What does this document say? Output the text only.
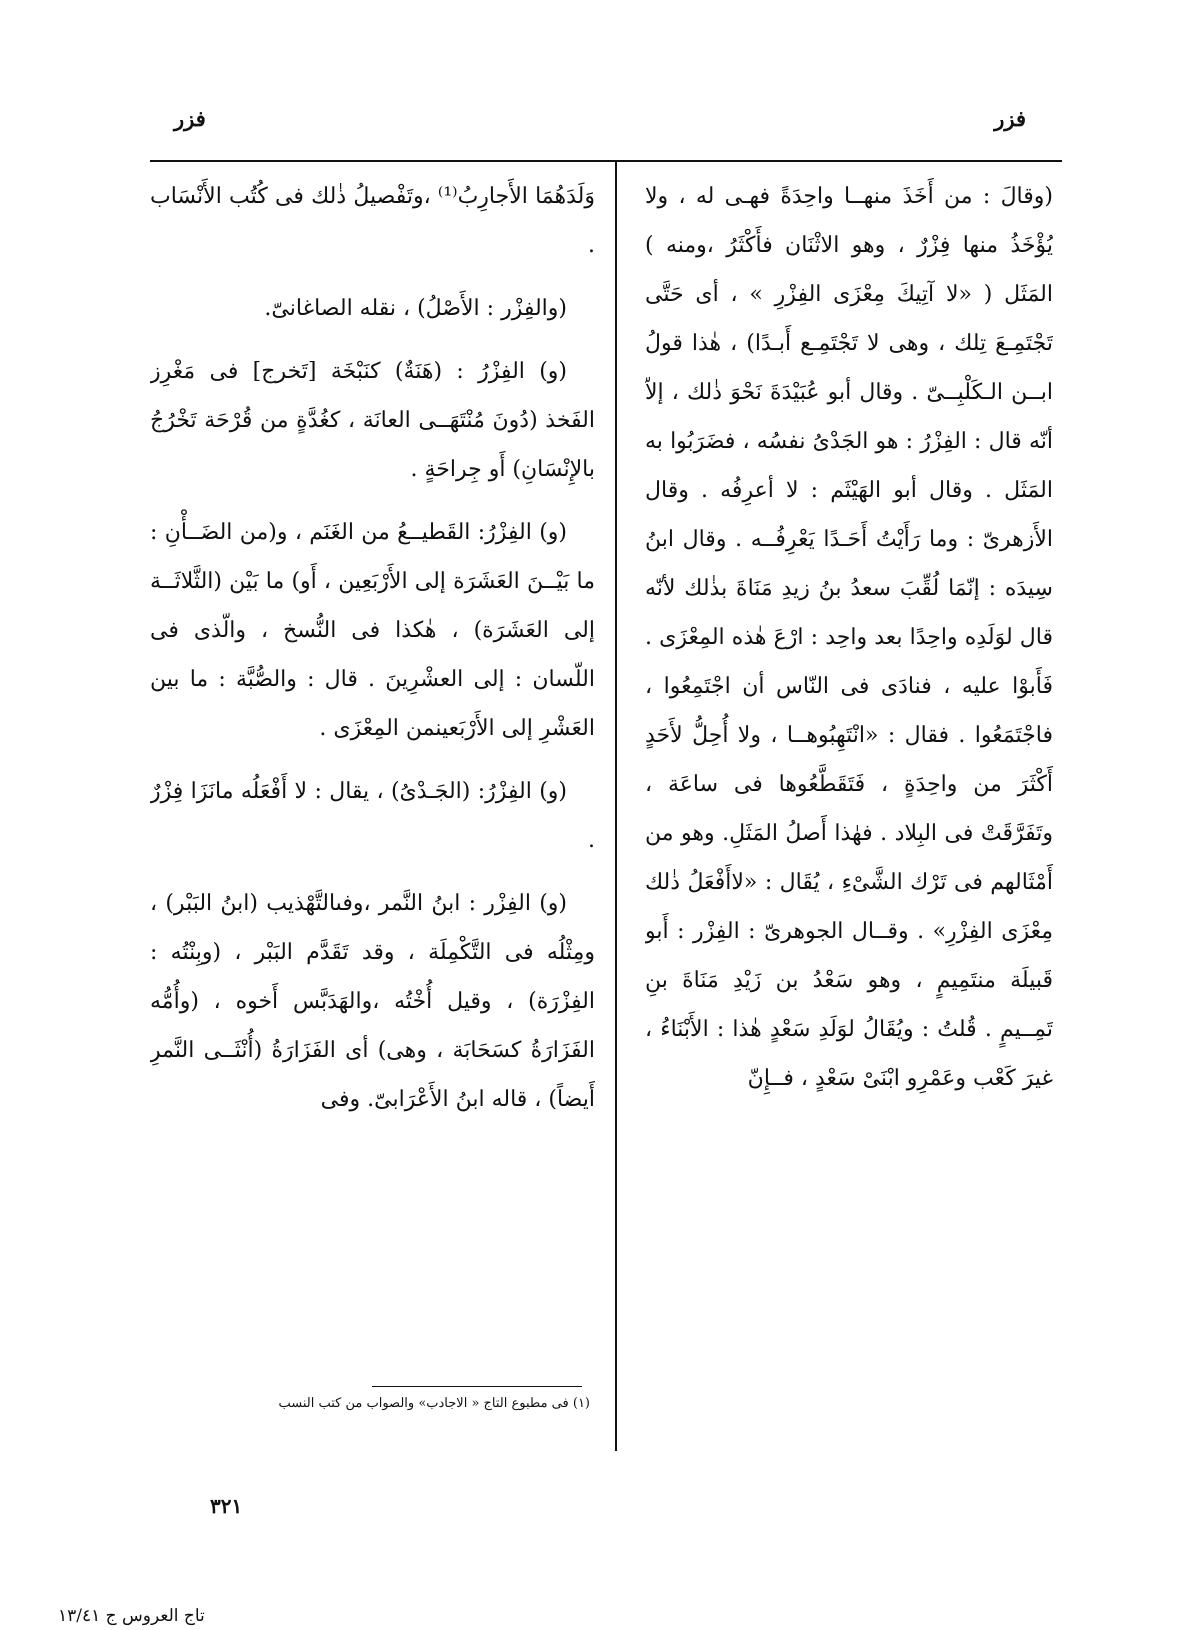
فزر
فزر

(وقالَ : من أَخَذَ منهــا واحِدَةً فهـى له ، ولا يُؤْخَذُ منها فِزْرٌ ، وهو الاثْنَان فأَكْثَرُ ،ومنه ) المَثَل ( «لا آتِيكَ مِعْزَى الفِزْرِ » ، أى حَتَّى تَجْتَمِـعَ تِلك ، وهى لا تَجْتَمِـع أَبـدًا) ، هٰذا قولُ ابــن الـكَلْبِــىّ . وقال أبو عُبَيْدَةَ نَحْوَ ذٰلك ، إلاّ أنّه قال : الفِزْرُ : هو الجَدْىُ نفسُه ، فضَرَبُوا به المَثَل . وقال أبو الهَيْثَم : لا أعرِفُه . وقال الأَزهرىّ : وما رَأَيْتُ أَحَـدًا يَعْرِفُــه . وقال ابنُ سِيدَه : إنّمَا لُقِّبَ سعدُ بنُ زيدِ مَنَاةَ بذٰلك لأنّه قال لوَلَدِه واحِدًا بعد واحِد : ارْعَ هٰذه المِعْزَى . فَأَبوْا عليه ، فنادَى فى النّاس أن اجْتَمِعُوا ، فاجْتَمَعُوا . فقال : «انْتَهِبُوهــا ، ولا أُحِلُّ لأَحَدٍ أَكْثَرَ من واحِدَةٍ ، فَتَقَطَّعُوها فى ساعَة ، وتَفَرَّقَتْ فى البِلاد . فهٰذا أَصلُ المَثَلِ. وهو من أَمْثَالهم فى تَرْك الشَّىْءِ ، يُقَال : «لاأَفْعَلُ ذٰلك مِعْزَى الفِزْرِ» . وقــال الجوهرىّ : الفِزْر : أَبو قَبيلَة منتَمِيمٍ ، وهو سَعْدُ بن زَيْدِ مَنَاةَ بنِ تَمِــيمٍ . قُلتُ : ويُقَالُ لوَلَدِ سَعْدٍ هٰذا : الأَبْنَاءُ ، غيرَ كَعْب وعَمْرِو ابْنَىْ سَعْدٍ ، فــإِنّ

وَلَدَهُمَا الأَجارِبُ⁽¹⁾ ،وتَفْصيلُ ذٰلك فى كُتُب الأَنْسَاب .

(والفِزْر : الأَصْلُ) ، نقله الصاغانىّ.

(و) الفِزْرُ : (هَنَةٌ) كنَبْخَة [تَخرج] فى مَغْرِز الفَخذ (دُونَ مُنْتَهَــى العانَة ، كغُدَّةٍ من قُرْحَة تَخْرُجُ بالإِنْسَانِ) أَو جِراحَةٍ .

(و) الفِزْرُ: القَطيــعُ من الغَنَم ، و(من الضَــأْنِ : ما بَيْــنَ العَشَرَة إلى الأَرْبَعِين ، أَو) ما بَيْن (الثَّلاثَــة إلى العَشَرَة) ، هٰكذا فى النُّسخ ، والّذى فى اللّسان : إلى العشْرِينَ . قال : والصُّبَّة : ما بين العَشْرِ إلى الأَرْبَعينمن المِعْزَى .

(و) الفِزْرُ: (الجَـدْىُ) ، يقال : لا أَفْعَلُه مانَزَا فِزْرٌ .

(و) الفِزْر : ابنُ النَّمر ،وفىالتَّهْذيب (ابنُ البَبْر) ، ومِثْلُه فى التَّكْمِلَة ، وقد تَقَدَّم البَبْر ، (وبِنْتُه : الفِزْرَة) ، وقيل أُخْتُه ،والهَدَبَّس أَخوه ، (وأُمُّه الفَزَارَةُ كسَحَابَة ، وهى) أى الفَزَارَةُ (أُنْثَــى النَّمرِ أَيضاً) ، قاله ابنُ الأَعْرَابىّ. وفى

(١) فى مطبوع التاج « الاجادب» والصواب من كتب النسب
٣٢١
تاج العروس ج ١٣/٤١
